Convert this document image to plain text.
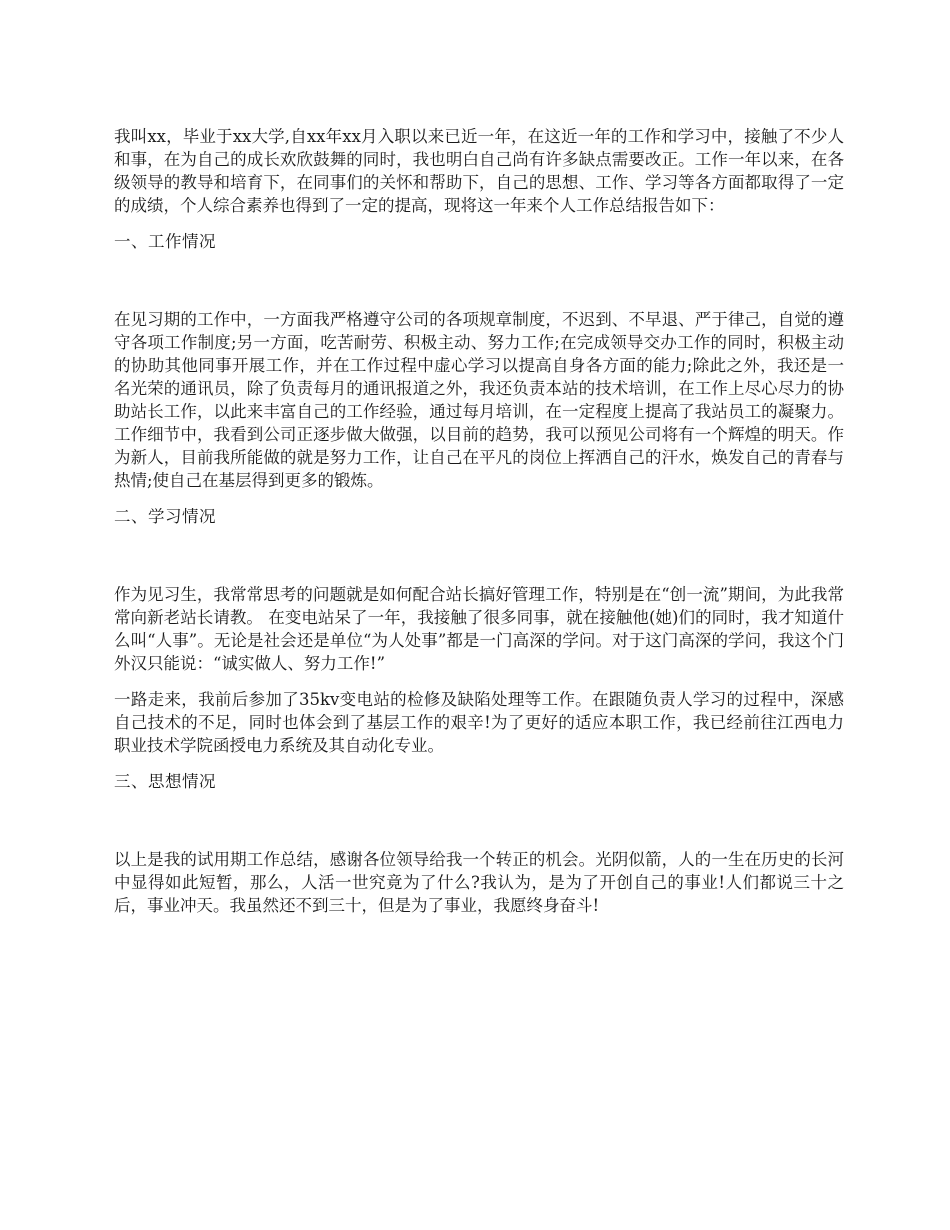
我叫xx，毕业于xx大学,自xx年xx月入职以来已近一年，在这近一年的工作和学习中，接触了不少人和事，在为自己的成长欢欣鼓舞的同时，我也明白自己尚有许多缺点需要改正。工作一年以来，在各级领导的教导和培育下，在同事们的关怀和帮助下，自己的思想、工作、学习等各方面都取得了一定的成绩，个人综合素养也得到了一定的提高，现将这一年来个人工作总结报告如下：

一、工作情况

在见习期的工作中，一方面我严格遵守公司的各项规章制度，不迟到、不早退、严于律己，自觉的遵守各项工作制度;另一方面，吃苦耐劳、积极主动、努力工作;在完成领导交办工作的同时，积极主动的协助其他同事开展工作，并在工作过程中虚心学习以提高自身各方面的能力;除此之外，我还是一名光荣的通讯员，除了负责每月的通讯报道之外，我还负责本站的技术培训，在工作上尽心尽力的协助站长工作，以此来丰富自己的工作经验，通过每月培训，在一定程度上提高了我站员工的凝聚力。工作细节中，我看到公司正逐步做大做强，以目前的趋势，我可以预见公司将有一个辉煌的明天。作为新人，目前我所能做的就是努力工作，让自己在平凡的岗位上挥洒自己的汗水，焕发自己的青春与热情;使自己在基层得到更多的锻炼。

二、学习情况

作为见习生，我常常思考的问题就是如何配合站长搞好管理工作，特别是在“创一流”期间，为此我常常向新老站长请教。 在变电站呆了一年，我接触了很多同事，就在接触他(她)们的同时，我才知道什么叫“人事”。无论是社会还是单位“为人处事”都是一门高深的学问。对于这门高深的学问，我这个门外汉只能说：“诚实做人、努力工作!”

一路走来，我前后参加了35kv变电站的检修及缺陷处理等工作。在跟随负责人学习的过程中，深感自己技术的不足，同时也体会到了基层工作的艰辛!为了更好的适应本职工作，我已经前往江西电力职业技术学院函授电力系统及其自动化专业。

三、思想情况

以上是我的试用期工作总结，感谢各位领导给我一个转正的机会。光阴似箭，人的一生在历史的长河中显得如此短暂，那么，人活一世究竟为了什么?我认为，是为了开创自己的事业!人们都说三十之后，事业冲天。我虽然还不到三十，但是为了事业，我愿终身奋斗!
